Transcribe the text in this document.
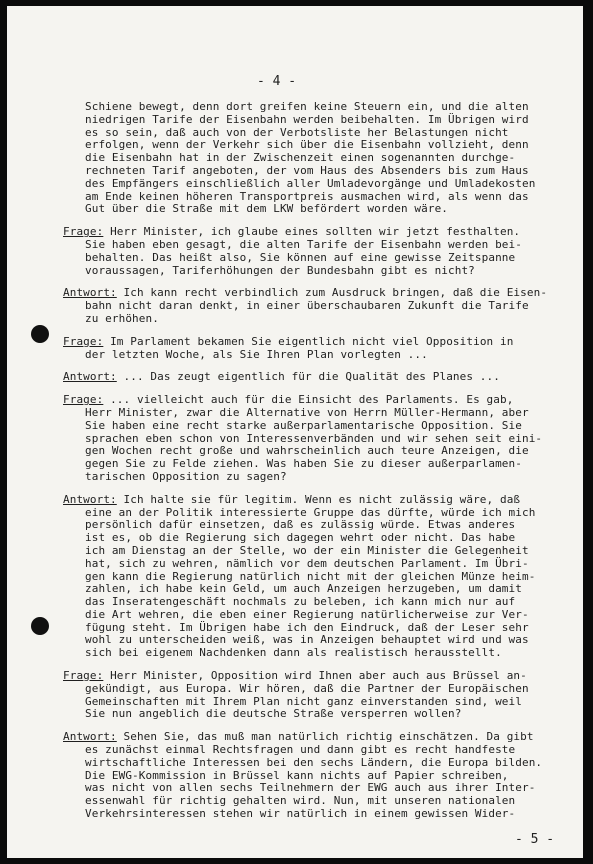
- 4 -
Schiene bewegt, denn dort greifen keine Steuern ein, und die alten
niedrigen Tarife der Eisenbahn werden beibehalten. Im Übrigen wird
es so sein, daß auch von der Verbotsliste her Belastungen nicht
erfolgen, wenn der Verkehr sich über die Eisenbahn vollzieht, denn
die Eisenbahn hat in der Zwischenzeit einen sogenannten durchge-
rechneten Tarif angeboten, der vom Haus des Absenders bis zum Haus
des Empfängers einschließlich aller Umladevorgänge und Umladekosten
am Ende keinen höheren Transportpreis ausmachen wird, als wenn das
Gut über die Straße mit dem LKW befördert worden wäre.
Frage: Herr Minister, ich glaube eines sollten wir jetzt festhalten.
Sie haben eben gesagt, die alten Tarife der Eisenbahn werden bei-
behalten. Das heißt also, Sie können auf eine gewisse Zeitspanne
voraussagen, Tariferhöhungen der Bundesbahn gibt es nicht?
Antwort: Ich kann recht verbindlich zum Ausdruck bringen, daß die Eisen-
bahn nicht daran denkt, in einer überschaubaren Zukunft die Tarife
zu erhöhen.
Frage: Im Parlament bekamen Sie eigentlich nicht viel Opposition in
der letzten Woche, als Sie Ihren Plan vorlegten ...
Antwort: ... Das zeugt eigentlich für die Qualität des Planes ...
Frage: ... vielleicht auch für die Einsicht des Parlaments. Es gab,
Herr Minister, zwar die Alternative von Herrn Müller-Hermann, aber
Sie haben eine recht starke außerparlamentarische Opposition. Sie
sprachen eben schon von Interessenverbänden und wir sehen seit eini-
gen Wochen recht große und wahrscheinlich auch teure Anzeigen, die
gegen Sie zu Felde ziehen. Was haben Sie zu dieser außerparlamen-
tarischen Opposition zu sagen?
Antwort: Ich halte sie für legitim. Wenn es nicht zulässig wäre, daß
eine an der Politik interessierte Gruppe das dürfte, würde ich mich
persönlich dafür einsetzen, daß es zulässig würde. Etwas anderes
ist es, ob die Regierung sich dagegen wehrt oder nicht. Das habe
ich am Dienstag an der Stelle, wo der ein Minister die Gelegenheit
hat, sich zu wehren, nämlich vor dem deutschen Parlament. Im Übri-
gen kann die Regierung natürlich nicht mit der gleichen Münze heim-
zahlen, ich habe kein Geld, um auch Anzeigen herzugeben, um damit
das Inseratengeschäft nochmals zu beleben, ich kann mich nur auf
die Art wehren, die eben einer Regierung natürlicherweise zur Ver-
fügung steht. Im Übrigen habe ich den Eindruck, daß der Leser sehr
wohl zu unterscheiden weiß, was in Anzeigen behauptet wird und was
sich bei eigenem Nachdenken dann als realistisch herausstellt.
Frage: Herr Minister, Opposition wird Ihnen aber auch aus Brüssel an-
gekündigt, aus Europa. Wir hören, daß die Partner der Europäischen
Gemeinschaften mit Ihrem Plan nicht ganz einverstanden sind, weil
Sie nun angeblich die deutsche Straße versperren wollen?
Antwort: Sehen Sie, das muß man natürlich richtig einschätzen. Da gibt
es zunächst einmal Rechtsfragen und dann gibt es recht handfeste
wirtschaftliche Interessen bei den sechs Ländern, die Europa bilden.
Die EWG-Kommission in Brüssel kann nichts auf Papier schreiben,
was nicht von allen sechs Teilnehmern der EWG auch aus ihrer Inter-
essenwahl für richtig gehalten wird. Nun, mit unseren nationalen
Verkehrsinteressen stehen wir natürlich in einem gewissen Wider-
- 5 -
